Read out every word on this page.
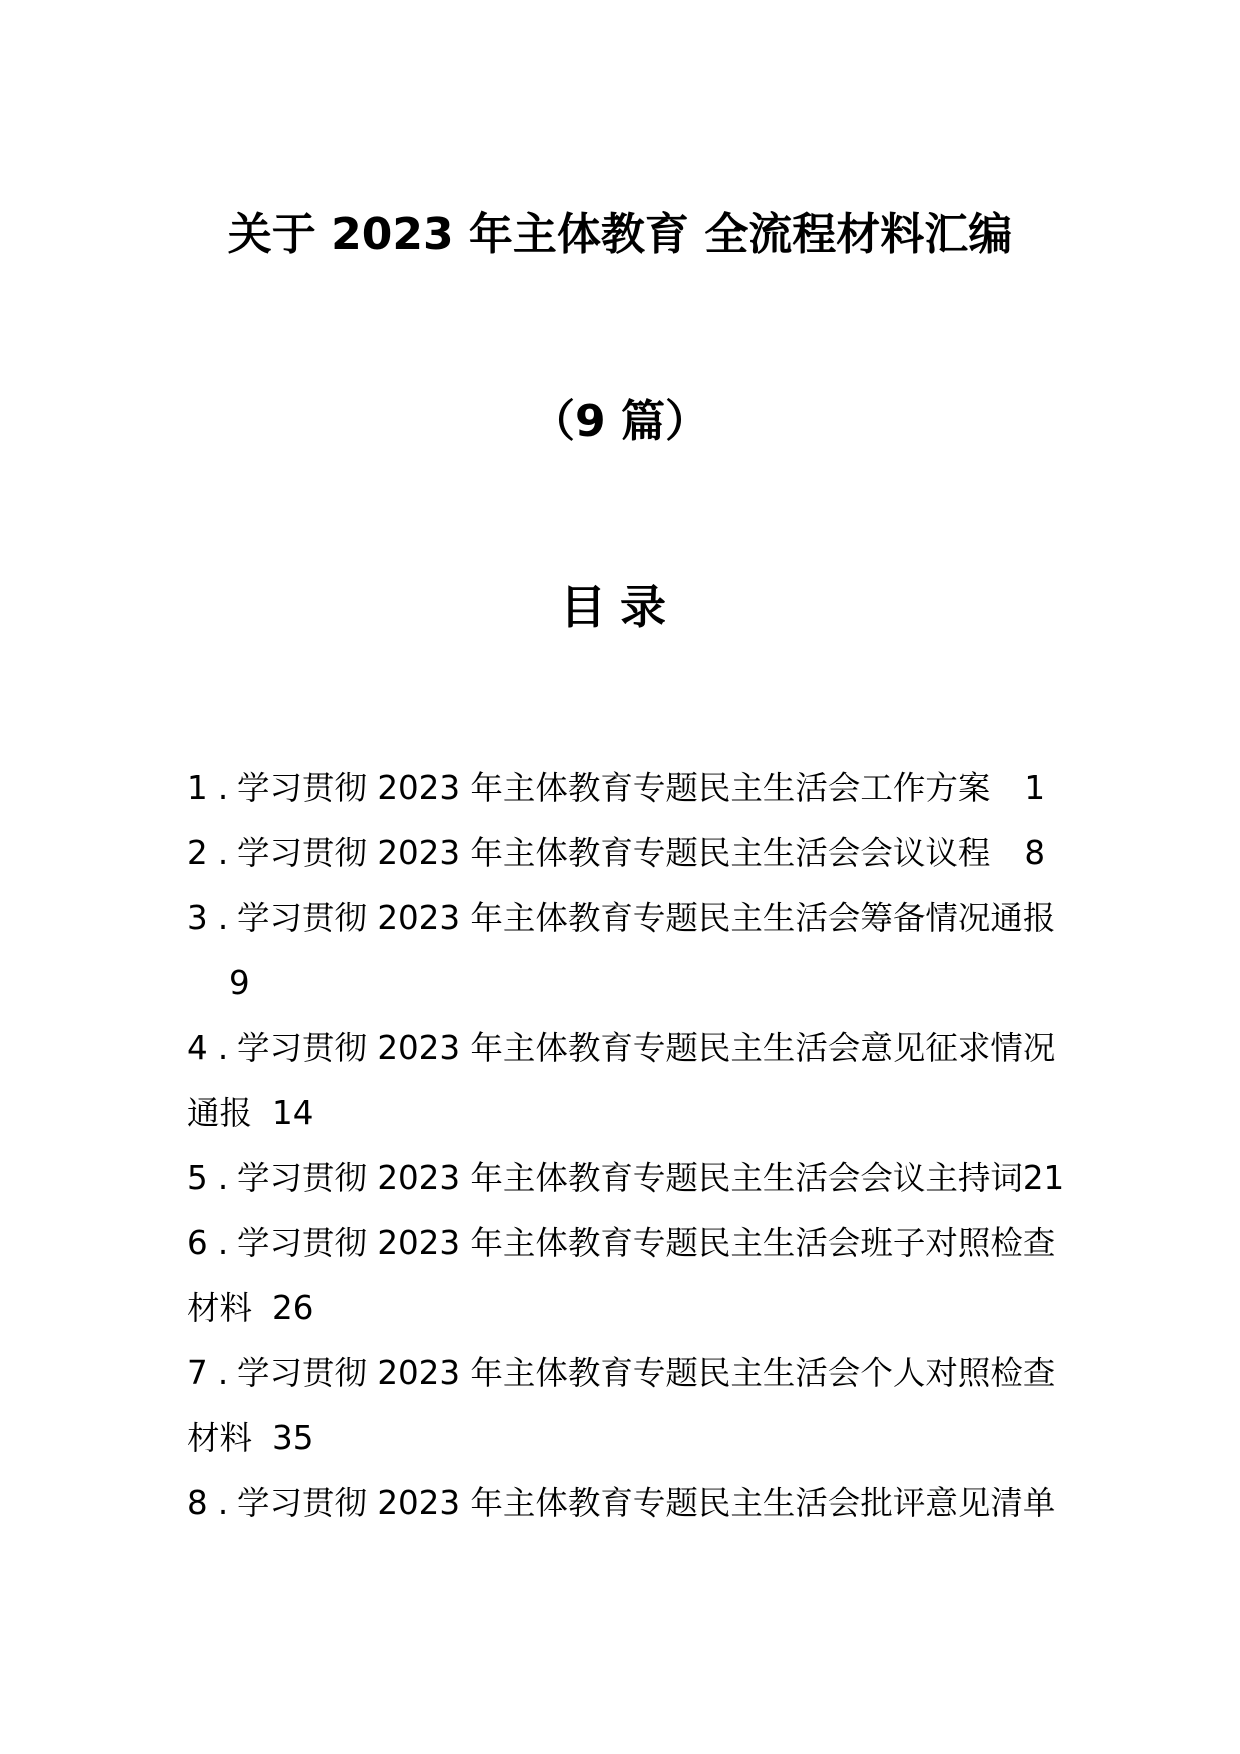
关于 2023 年主体教育 全流程材料汇编
（9 篇）
目录
1 . 学习贯彻 2023 年主体教育专题民主生活会工作方案 1
2 . 学习贯彻 2023 年主体教育专题民主生活会会议议程 8
3 . 学习贯彻 2023 年主体教育专题民主生活会筹备情况通报
9
4 . 学习贯彻 2023 年主体教育专题民主生活会意见征求情况
通报 14
5 . 学习贯彻 2023 年主体教育专题民主生活会会议主持词21
6 . 学习贯彻 2023 年主体教育专题民主生活会班子对照检查
材料 26
7 . 学习贯彻 2023 年主体教育专题民主生活会个人对照检查
材料 35
8 . 学习贯彻 2023 年主体教育专题民主生活会批评意见清单
